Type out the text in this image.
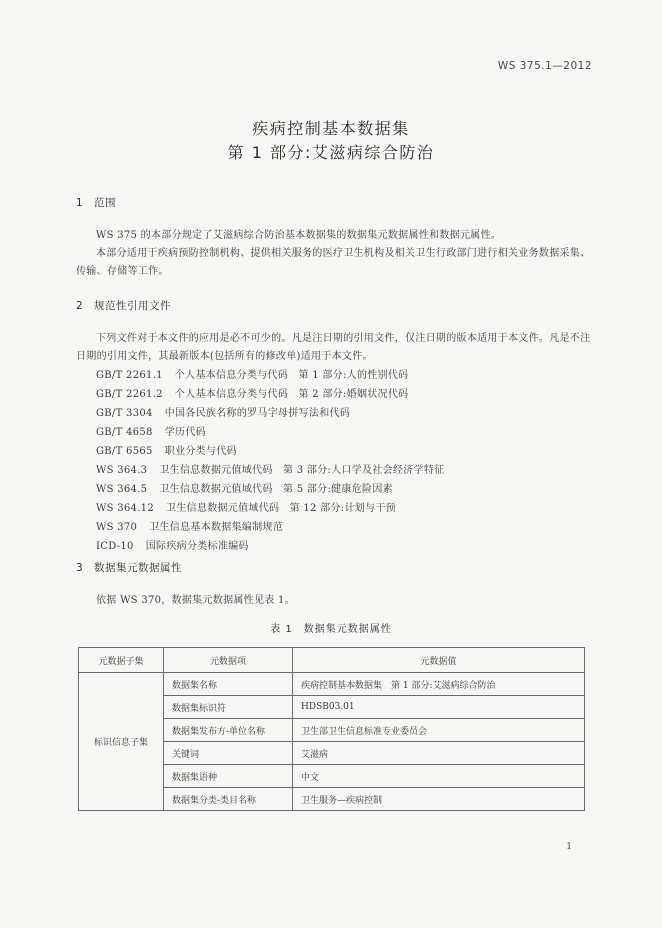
WS 375.1—2012
疾病控制基本数据集
第 1 部分:艾滋病综合防治
1 范围
WS 375 的本部分规定了艾滋病综合防治基本数据集的数据集元数据属性和数据元属性。
本部分适用于疾病预防控制机构、提供相关服务的医疗卫生机构及相关卫生行政部门进行相关业务数据采集、传输、存储等工作。
2 规范性引用文件
下列文件对于本文件的应用是必不可少的。凡是注日期的引用文件，仅注日期的版本适用于本文件。凡是不注日期的引用文件，其最新版本(包括所有的修改单)适用于本文件。
GB/T 2261.1 个人基本信息分类与代码　第 1 部分:人的性别代码
GB/T 2261.2 个人基本信息分类与代码　第 2 部分:婚姻状况代码
GB/T 3304 中国各民族名称的罗马字母拼写法和代码
GB/T 4658 学历代码
GB/T 6565 职业分类与代码
WS 364.3 卫生信息数据元值域代码　第 3 部分:人口学及社会经济学特征
WS 364.5 卫生信息数据元值域代码　第 5 部分:健康危险因素
WS 364.12 卫生信息数据元值域代码　第 12 部分:计划与干预
WS 370 卫生信息基本数据集编制规范
ICD-10 国际疾病分类标准编码
3 数据集元数据属性
依据 WS 370，数据集元数据属性见表 1。
表 1　数据集元数据属性
元数据子集	元数据项	元数据值
标识信息子集	数据集名称	疾病控制基本数据集　第 1 部分:艾滋病综合防治
	数据集标识符	HDSB03.01
	数据集发布方-单位名称	卫生部卫生信息标准专业委员会
	关键词	艾滋病
	数据集语种	中文
	数据集分类-类目名称	卫生服务—疾病控制
1
